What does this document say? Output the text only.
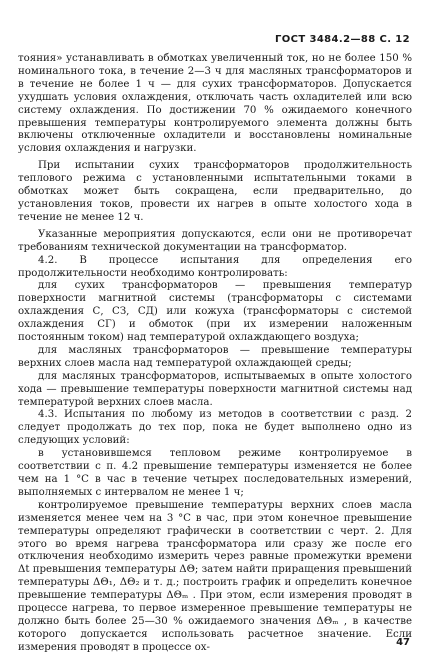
ГОСТ 3484.2—88 С. 12

тояния» устанавливать в обмотках увеличенный ток, но не более 150 % номинального тока, в течение 2—3 ч для масляных трансформаторов и в течение не более 1 ч — для сухих трансформаторов. Допускается ухудшать условия охлаждения, отключать часть охладителей или всю систему охлаждения. По достижении 70 % ожидаемого конечного превышения температуры контролируемого элемента должны быть включены отключенные охладители и восстановлены номинальные условия охлаждения и нагрузки.

При испытании сухих трансформаторов продолжительность теплового режима с установленными испытательными токами в обмотках может быть сокращена, если предварительно, до установления токов, провести их нагрев в опыте холостого хода в течение не менее 12 ч.

Указанные мероприятия допускаются, если они не противоречат требованиям технической документации на трансформатор.

4.2. В процессе испытания для определения его продолжительности необходимо контролировать:

для сухих трансформаторов — превышения температур поверхности магнитной системы (трансформаторы с системами охлаждения С, СЗ, СД) или кожуха (трансформаторы с системой охлаждения СГ) и обмоток (при их измерении наложенным постоянным током) над температурой охлаждающего воздуха;

для масляных трансформаторов — превышение температуры верхних слоев масла над температурой охлаждающей среды;

для масляных трансформаторов, испытываемых в опыте холостого хода — превышение температуры поверхности магнитной системы над температурой верхних слоев масла.

4.3. Испытания по любому из методов в соответствии с разд. 2 следует продолжать до тех пор, пока не будет выполнено одно из следующих условий:

в установившемся тепловом режиме контролируемое в соответствии с п. 4.2 превышение температуры изменяется не более чем на 1 °С в час в течение четырех последовательных измерений, выполняемых с интервалом не менее 1 ч;

контролируемое превышение температуры верхних слоев масла изменяется менее чем на 3 °С в час, при этом конечное превышение температуры определяют графически в соответствии с черт. 2. Для этого во время нагрева трансформатора или сразу же после его отключения необходимо измерить через равные промежутки времени Δt превышения температуры ΔΘ; затем найти приращения превышений температуры ΔΘ₁, ΔΘ₂ и т. д.; построить график и определить конечное превышение температуры ΔΘₘ . При этом, если измерения проводят в процессе нагрева, то первое измеренное превышение температуры не должно быть более 25—30 % ожидаемого значения ΔΘₘ , в качестве которого допускается использовать расчетное значение. Если измерения проводят в процессе ох-	47
